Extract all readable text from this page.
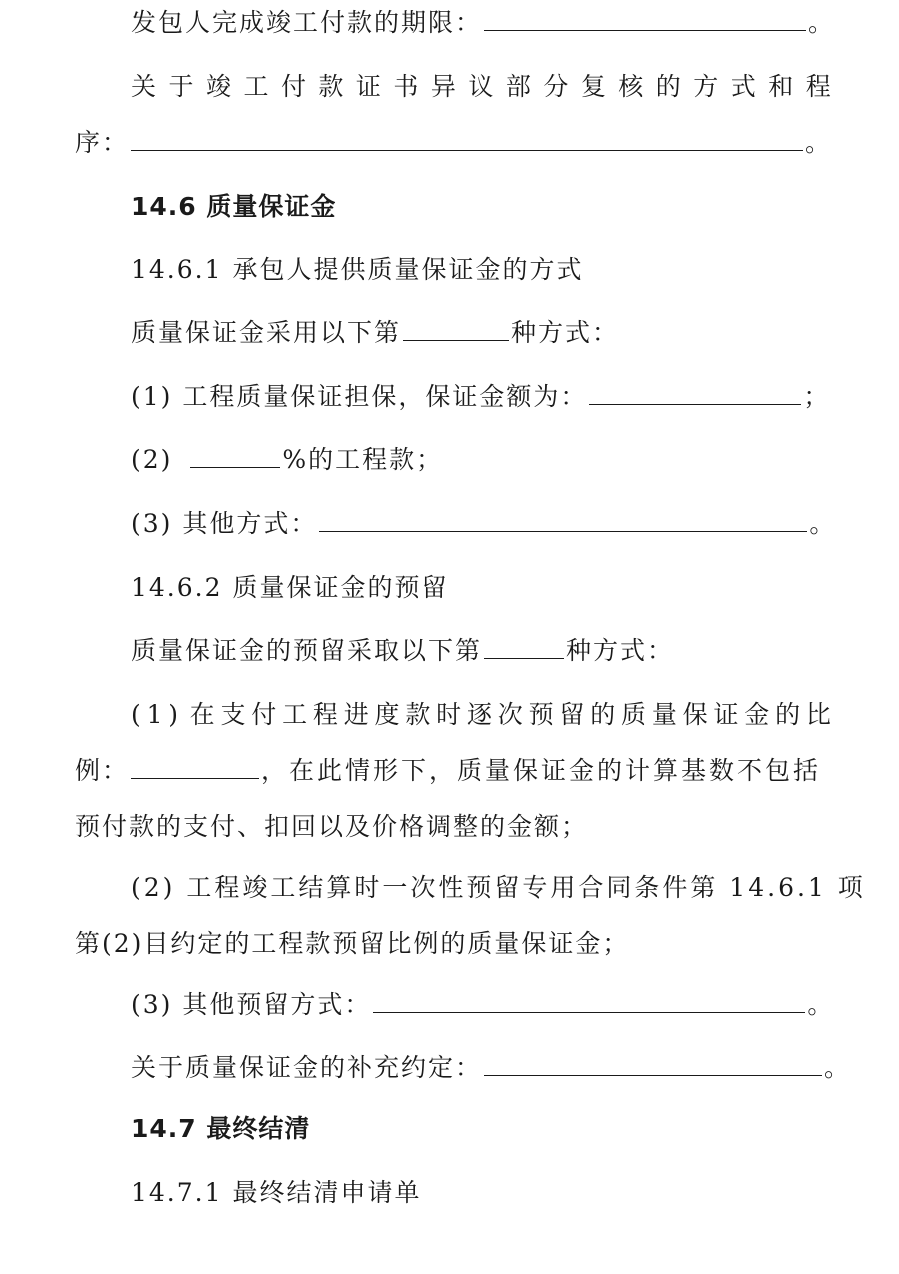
发包人完成竣工付款的期限：	。
关 于 竣 工 付 款 证 书 异 议 部 分 复 核 的 方 式 和 程
序：	。
14.6 质量保证金
14.6.1 承包人提供质量保证金的方式
质量保证金采用以下第	种方式：
(1) 工程质量保证担保，保证金额为：	；
(2)	%的工程款；
(3) 其他方式：	。
14.6.2 质量保证金的预留
质量保证金的预留采取以下第	种方式：
( 1 ) 在 支 付 工 程 进 度 款 时 逐 次 预 留 的 质 量 保 证 金 的 比
例：	，在此情形下，质量保证金的计算基数不包括
预付款的支付、扣回以及价格调整的金额；
(2) 工程竣工结算时一次性预留专用合同条件第 14.6.1 项
第(2)目约定的工程款预留比例的质量保证金；
(3) 其他预留方式：	。
关于质量保证金的补充约定：	。
14.7 最终结清
14.7.1 最终结清申请单
